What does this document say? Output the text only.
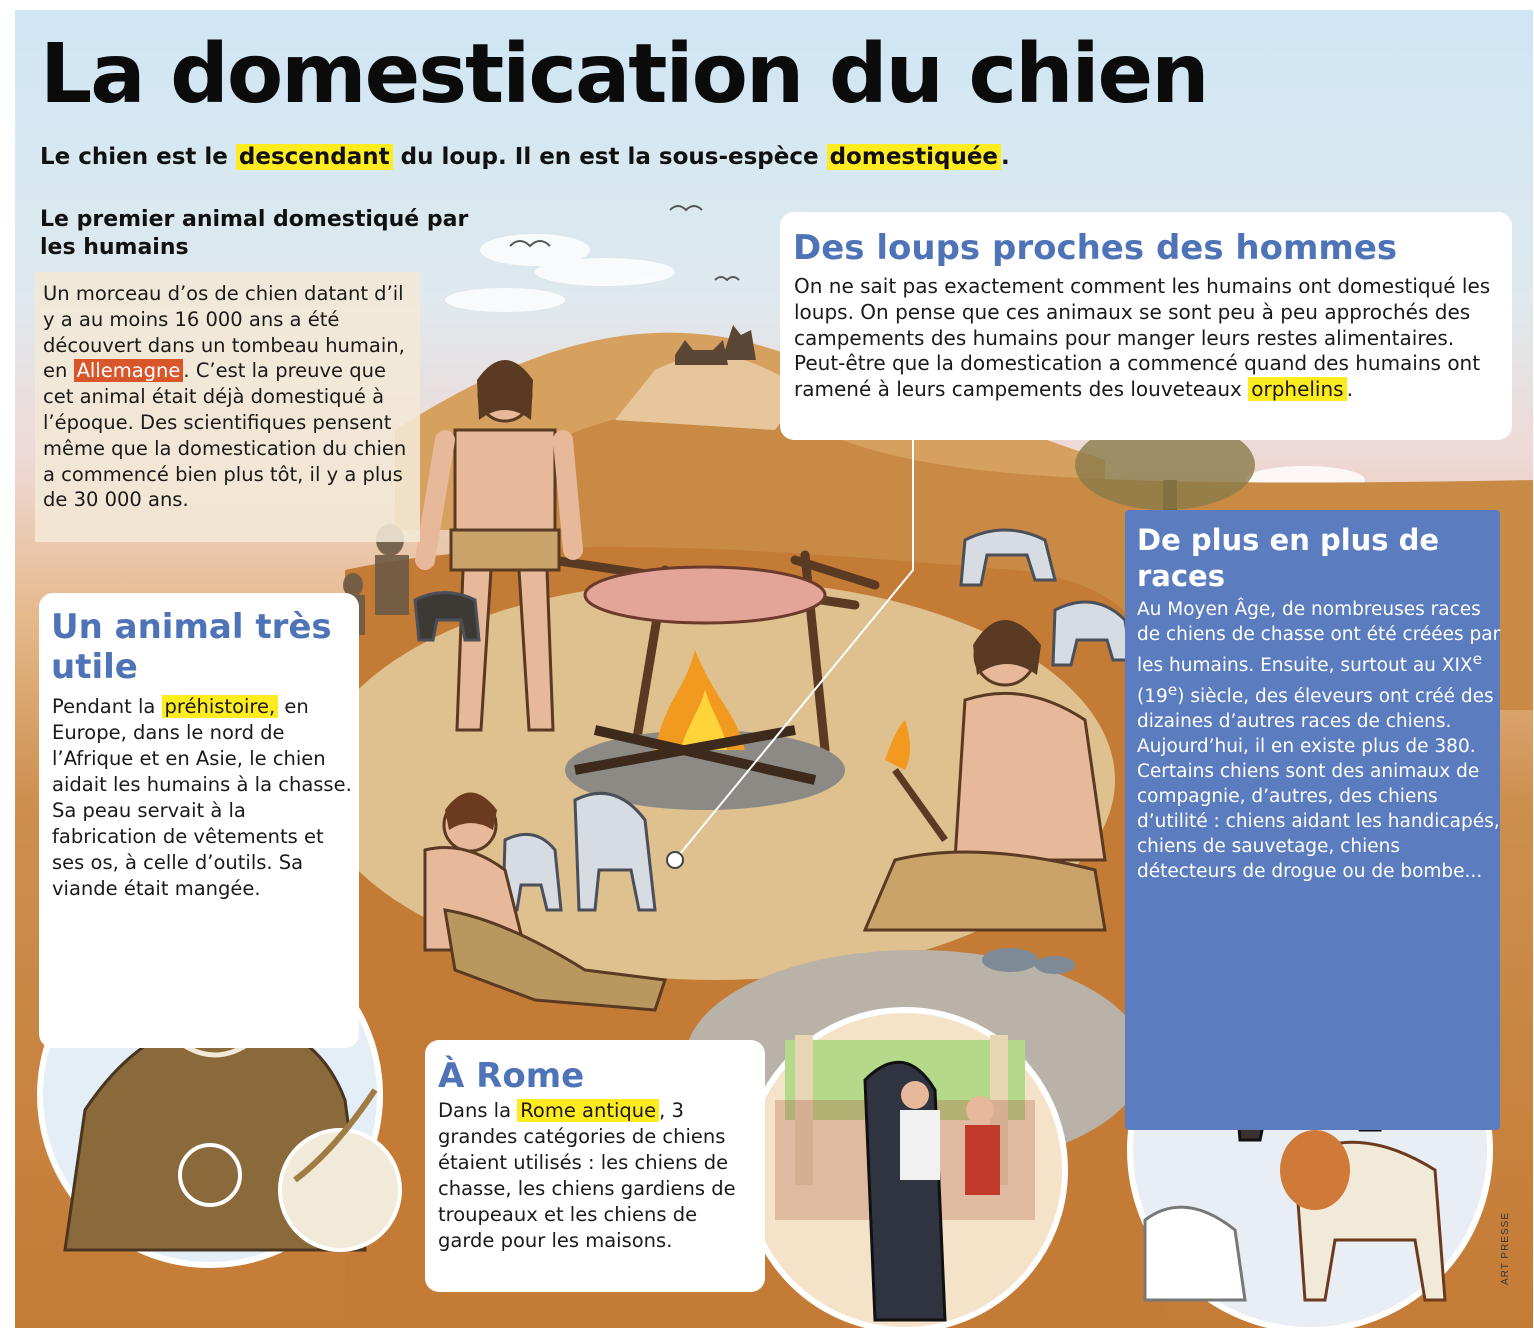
La domestication du chien

Le chien est le descendant du loup. Il en est la sous-espèce domestiquée .

Le premier animal domestiqué par les humains

Un morceau d’os de chien datant d’il y a au moins 16 000 ans a été découvert dans un tombeau humain, en Allemagne . C’est la preuve que cet animal était déjà domestiqué à l’époque. Des scientifiques pensent même que la domestication du chien a commencé bien plus tôt, il y a plus de 30 000 ans.

Des loups proches des hommes

On ne sait pas exactement comment les humains ont domestiqué les loups. On pense que ces animaux se sont peu à peu approchés des campements des humains pour manger leurs restes alimentaires. Peut-être que la domestication a commencé quand des humains ont ramené à leurs campements des louveteaux orphelins .

Un animal très utile

Pendant la préhistoire, en Europe, dans le nord de l’Afrique et en Asie, le chien aidait les humains à la chasse. Sa peau servait à la fabrication de vêtements et ses os, à celle d’outils. Sa viande était mangée.

De plus en plus de races

Au Moyen Âge, de nombreuses races de chiens de chasse ont été créées par les humains. Ensuite, surtout au XIXe (19e) siècle, des éleveurs ont créé des dizaines d’autres races de chiens. Aujourd’hui, il en existe plus de 380. Certains chiens sont des animaux de compagnie, d’autres, des chiens d’utilité : chiens aidant les handicapés, chiens de sauvetage, chiens détecteurs de drogue ou de bombe...

À Rome

Dans la Rome antique , 3 grandes catégories de chiens étaient utilisés : les chiens de chasse, les chiens gardiens de troupeaux et les chiens de garde pour les maisons.	ART PRESSE
